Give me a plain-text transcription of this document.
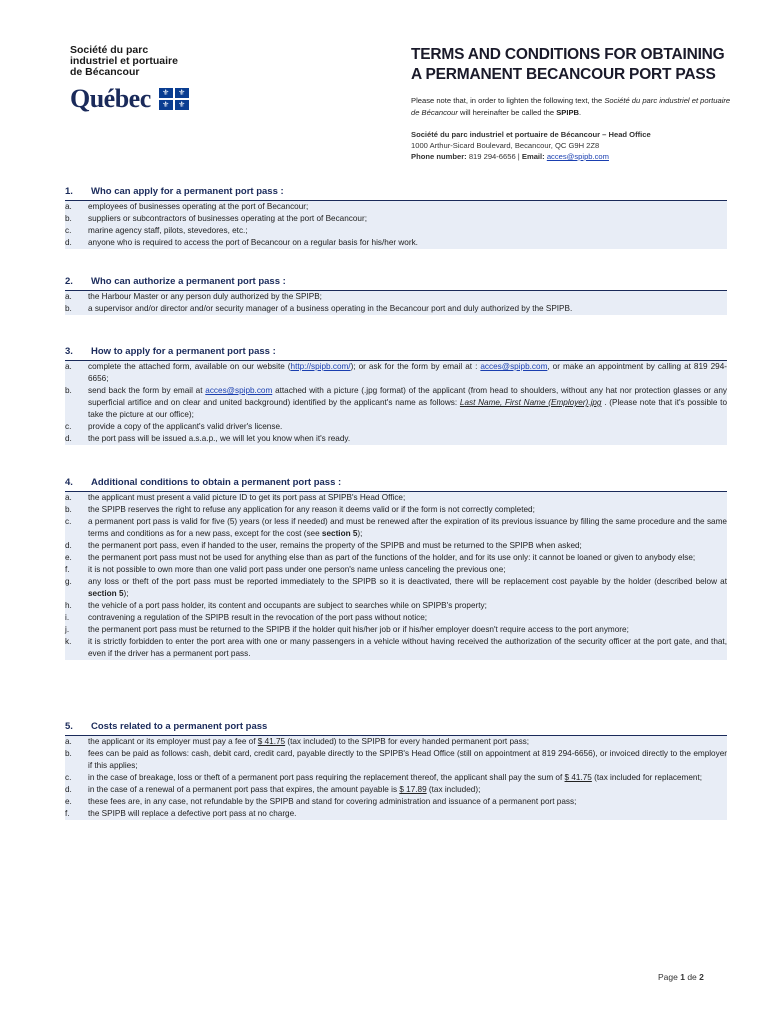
Société du parc
industriel et portuaire
de Bécancour
Québec	⚜	⚜
⚜	⚜
TERMS AND CONDITIONS FOR OBTAINING
A PERMANENT BECANCOUR PORT PASS
Please note that, in order to lighten the following text, the Société du parc industriel et portuaire de Bécancour will hereinafter be called the SPIPB.
Société du parc industriel et portuaire de Bécancour – Head Office
1000 Arthur-Sicard Boulevard, Becancour, QC G9H 2Z8
Phone number: 819 294-6656 | Email: acces@spipb.com
1.	Who can apply for a permanent port pass :
a.	employees of businesses operating at the port of Becancour;
b.	suppliers or subcontractors of businesses operating at the port of Becancour;
c.	marine agency staff, pilots, stevedores, etc.;
d.	anyone who is required to access the port of Becancour on a regular basis for his/her work.
2.	Who can authorize a permanent port pass :
a.	the Harbour Master or any person duly authorized by the SPIPB;
b.	a supervisor and/or director and/or security manager of a business operating in the Becancour port and duly authorized by the SPIPB.
3.	How to apply for a permanent port pass :
a.	complete the attached form, available on our website (http://spipb.com/); or ask for the form by email at : acces@spipb.com, or make an appointment by calling at 819 294-6656;
b.	send back the form by email at acces@spipb.com attached with a picture (.jpg format) of the applicant (from head to shoulders, without any hat nor protection glasses or any superficial artifice and on clear and united background) identified by the applicant's name as follows: Last Name, First Name (Employer).jpg . (Please note that it's possible to take the picture at our office);
c.	provide a copy of the applicant's valid driver's license.
d.	the port pass will be issued a.s.a.p., we will let you know when it's ready.
4.	Additional conditions to obtain a permanent port pass :
a.	the applicant must present a valid picture ID to get its port pass at SPIPB's Head Office;
b.	the SPIPB reserves the right to refuse any application for any reason it deems valid or if the form is not correctly completed;
c.	a permanent port pass is valid for five (5) years (or less if needed) and must be renewed after the expiration of its previous issuance by filling the same procedure and the same terms and conditions as for a new pass, except for the cost (see section 5);
d.	the permanent port pass, even if handed to the user, remains the property of the SPIPB and must be returned to the SPIPB when asked;
e.	the permanent port pass must not be used for anything else than as part of the functions of the holder, and for its use only: it cannot be loaned or given to anybody else;
f.	it is not possible to own more than one valid port pass under one person's name unless canceling the previous one;
g.	any loss or theft of the port pass must be reported immediately to the SPIPB so it is deactivated, there will be replacement cost payable by the holder (described below at section 5);
h.	the vehicle of a port pass holder, its content and occupants are subject to searches while on SPIPB's property;
i.	contravening a regulation of the SPIPB result in the revocation of the port pass without notice;
j.	the permanent port pass must be returned to the SPIPB if the holder quit his/her job or if his/her employer doesn't require access to the port anymore;
k.	it is strictly forbidden to enter the port area with one or many passengers in a vehicle without having received the authorization of the security officer at the port gate, and that, even if the driver has a permanent port pass.
5.	Costs related to a permanent port pass
a.	the applicant or its employer must pay a fee of $ 41.75 (tax included) to the SPIPB for every handed permanent port pass;
b.	fees can be paid as follows: cash, debit card, credit card, payable directly to the SPIPB's Head Office (still on appointment at 819 294-6656), or invoiced directly to the employer if this applies;
c.	in the case of breakage, loss or theft of a permanent port pass requiring the replacement thereof, the applicant shall pay the sum of $ 41.75 (tax included for replacement;
d.	in the case of a renewal of a permanent port pass that expires, the amount payable is $ 17.89 (tax included);
e.	these fees are, in any case, not refundable by the SPIPB and stand for covering administration and issuance of a permanent port pass;
f.	the SPIPB will replace a defective port pass at no charge.
Page 1 de 2
